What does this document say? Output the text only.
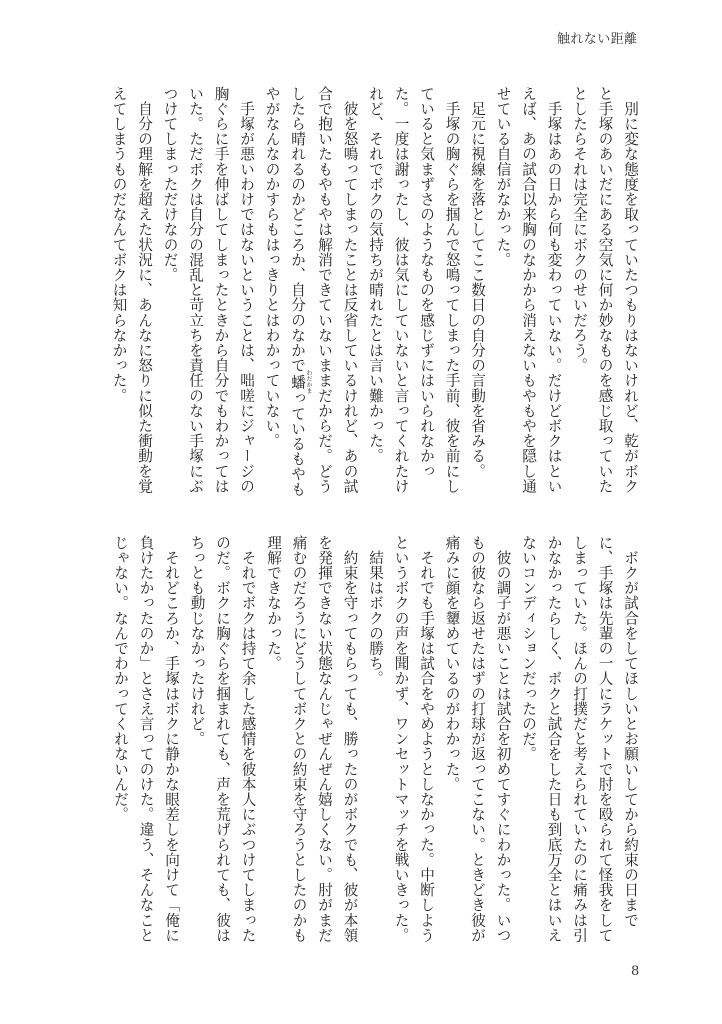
触れない距離
　別に変な態度を取っていたつもりはないけれど、乾がボク
と手塚のあいだにある空気に何か妙なものを感じ取っていた
としたらそれは完全にボクのせいだろう。
　手塚はあの日から何も変わっていない。だけどボクはとい
えば、あの試合以来胸のなかから消えないもやもやを隠し通
せている自信がなかった。
　足元に視線を落としてここ数日の自分の言動を省みる。
　手塚の胸ぐらを掴んで怒鳴ってしまった手前、彼を前にし
ていると気まずさのようなものを感じずにはいられなかっ
た。一度は謝ったし、彼は気にしていないと言ってくれたけ
れど、それでボクの気持ちが晴れたとは言い難かった。
　彼を怒鳴ってしまったことは反省しているけれど、あの試
合で抱いたもやもやは解消できていないままだからだ。どう
したら晴れるのかどころか、自分のなかで蟠 わだかまっているもやも
やがなんなのかすらもはっきりとはわかっていない。
　手塚が悪いわけではないということは、咄嗟にジャージの
胸ぐらに手を伸ばしてしまったときから自分でもわかっては
いた。ただボクは自分の混乱と苛立ちを責任のない手塚にぶ
つけてしまっただけなのだ。
　自分の理解を超えた状況に、あんなに怒りに似た衝動を覚
えてしまうものだなんてボクは知らなかった。
　ボクが試合をしてほしいとお願いしてから約束の日まで
に、手塚は先輩の一人にラケットで肘を殴られて怪我をして
しまっていた。ほんの打撲だと考えられていたのに痛みは引
かなかったらしく、ボクと試合をした日も到底万全とはいえ
ないコンディションだったのだ。
　彼の調子が悪いことは試合を初めてすぐにわかった。いつ
もの彼なら返せたはずの打球が返ってこない。ときどき彼が
痛みに顔を顰めているのがわかった。
　それでも手塚は試合をやめようとしなかった。中断しよう
というボクの声を聞かず、ワンセットマッチを戦いきった。
　結果はボクの勝ち。
　約束を守ってもらっても、勝ったのがボクでも、彼が本領
を発揮できない状態なんじゃぜんぜん嬉しくない。肘がまだ
痛むのだろうにどうしてボクとの約束を守ろうとしたのかも
理解できなかった。
　それでボクは持て余した感情を彼本人にぶつけてしまった
のだ。ボクに胸ぐらを掴まれても、声を荒げられても、彼は
ちっとも動じなかったけれど。
　それどころか、手塚はボクに静かな眼差しを向けて「俺に
負けたかったのか」とさえ言ってのけた。違う、そんなこと
じゃない。なんでわかってくれないんだ。
8
